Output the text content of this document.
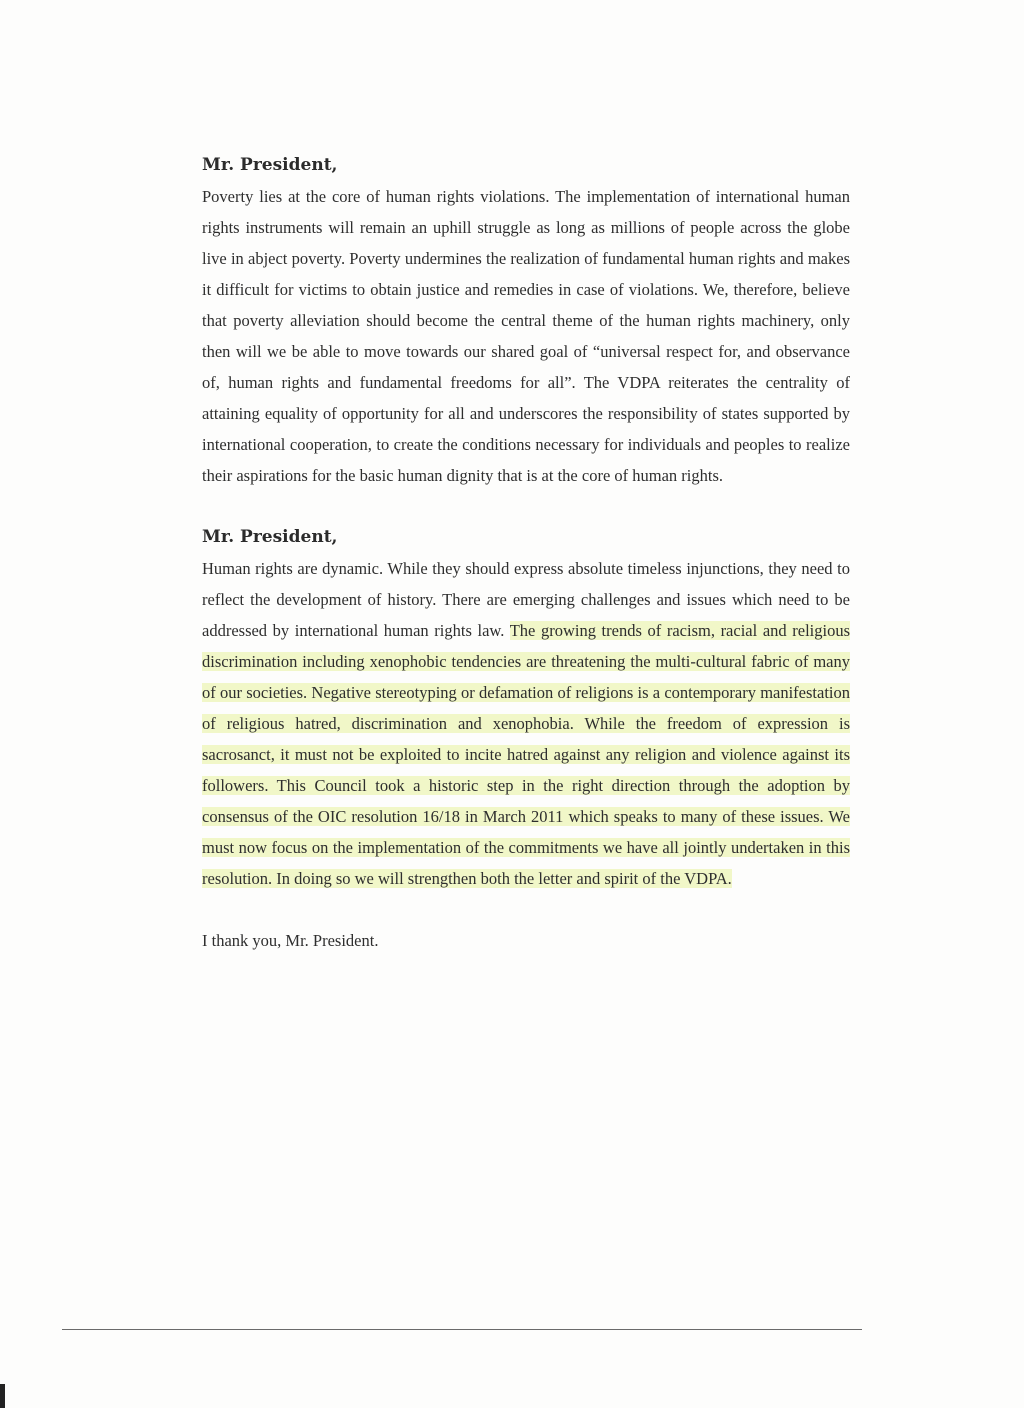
Mr. President,

Poverty lies at the core of human rights violations. The implementation of international human rights instruments will remain an uphill struggle as long as millions of people across the globe live in abject poverty. Poverty undermines the realization of fundamental human rights and makes it difficult for victims to obtain justice and remedies in case of violations. We, therefore, believe that poverty alleviation should become the central theme of the human rights machinery, only then will we be able to move towards our shared goal of “universal respect for, and observance of, human rights and fundamental freedoms for all”. The VDPA reiterates the centrality of attaining equality of opportunity for all and underscores the responsibility of states supported by international cooperation, to create the conditions necessary for individuals and peoples to realize their aspirations for the basic human dignity that is at the core of human rights.

Mr. President,

Human rights are dynamic. While they should express absolute timeless injunctions, they need to reflect the development of history. There are emerging challenges and issues which need to be addressed by international human rights law. The growing trends of racism, racial and religious discrimination including xenophobic tendencies are threatening the multi-cultural fabric of many of our societies. Negative stereotyping or defamation of religions is a contemporary manifestation of religious hatred, discrimination and xenophobia. While the freedom of expression is sacrosanct, it must not be exploited to incite hatred against any religion and violence against its followers. This Council took a historic step in the right direction through the adoption by consensus of the OIC resolution 16/18 in March 2011 which speaks to many of these issues. We must now focus on the implementation of the commitments we have all jointly undertaken in this resolution. In doing so we will strengthen both the letter and spirit of the VDPA.

I thank you, Mr. President.
